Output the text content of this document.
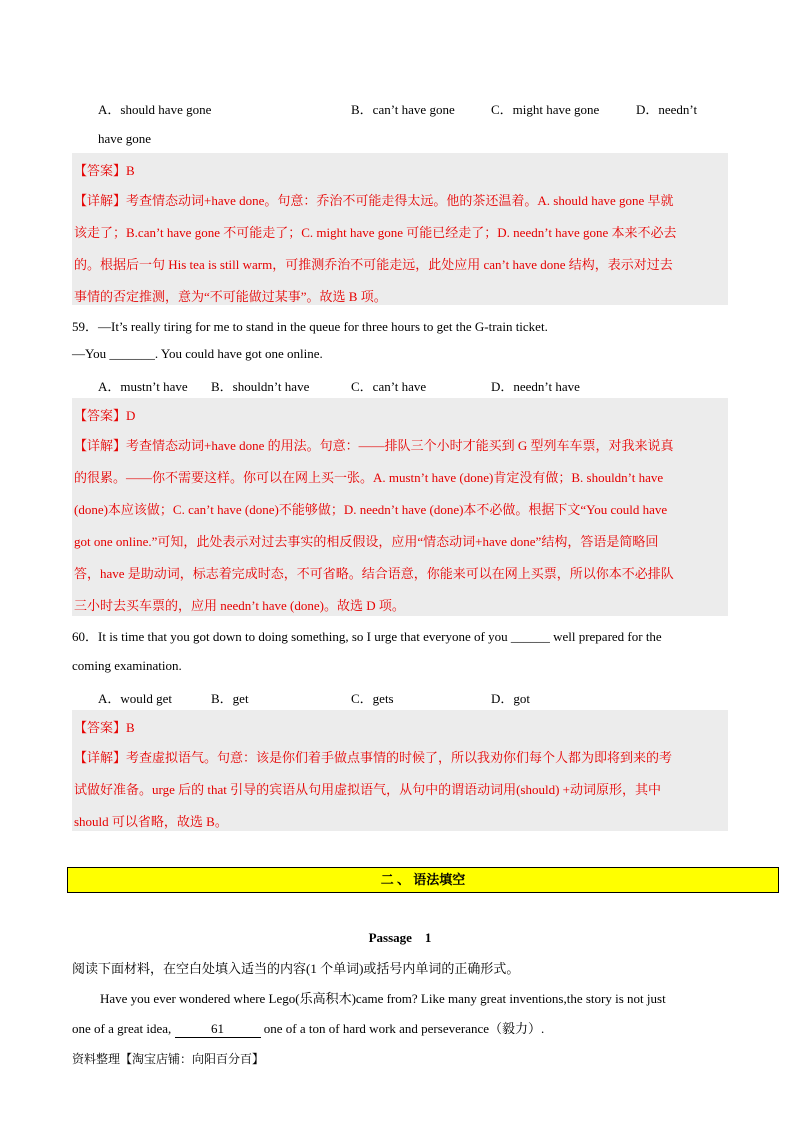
A．should have gone	B．can’t have gone	C．might have gone	D．needn’t
have gone
【答案】B
【详解】考查情态动词+have done。句意：乔治不可能走得太远。他的茶还温着。A. should have gone 早就
该走了；B.can’t have gone 不可能走了；C. might have gone 可能已经走了；D. needn’t have gone 本来不必去
的。根据后一句 His tea is still warm，可推测乔治不可能走远，此处应用 can’t have done 结构，表示对过去
事情的否定推测，意为“不可能做过某事”。故选 B 项。
59．—It’s really tiring for me to stand in the queue for three hours to get the G-train ticket.
—You _______. You could have got one online.
A．mustn’t have B．shouldn’t have	C．can’t have	D．needn’t have
【答案】D
【详解】考查情态动词+have done 的用法。句意：——排队三个小时才能买到 G 型列车车票，对我来说真
的很累。——你不需要这样。你可以在网上买一张。A. mustn’t have (done)肯定没有做；B. shouldn’t have
(done)本应该做；C. can’t have (done)不能够做；D. needn’t have (done)本不必做。根据下文“You could have
got one online.”可知，此处表示对过去事实的相反假设，应用“情态动词+have done”结构，答语是简略回
答，have 是助动词，标志着完成时态，不可省略。结合语意，你能来可以在网上买票，所以你本不必排队
三小时去买车票的，应用 needn’t have (done)。故选 D 项。
60．It is time that you got down to doing something, so I urge that everyone of you ______ well prepared for the
coming examination.
A．would get	B．get	C．gets	D．got
【答案】B
【详解】考查虚拟语气。句意：该是你们着手做点事情的时候了，所以我劝你们每个人都为即将到来的考
试做好准备。urge 后的 that 引导的宾语从句用虚拟语气，从句中的谓语动词用(should) +动词原形，其中
should 可以省略，故选 B。
二 、 语法填空
Passage　1
阅读下面材料，在空白处填入适当的内容(1 个单词)或括号内单词的正确形式。
Have you ever wondered where Lego(乐高积木)came from? Like many great inventions,the story is not just
one of a great idea,	61	one of a ton of hard work and perseverance（毅力）.
资料整理【淘宝店铺：向阳百分百】
